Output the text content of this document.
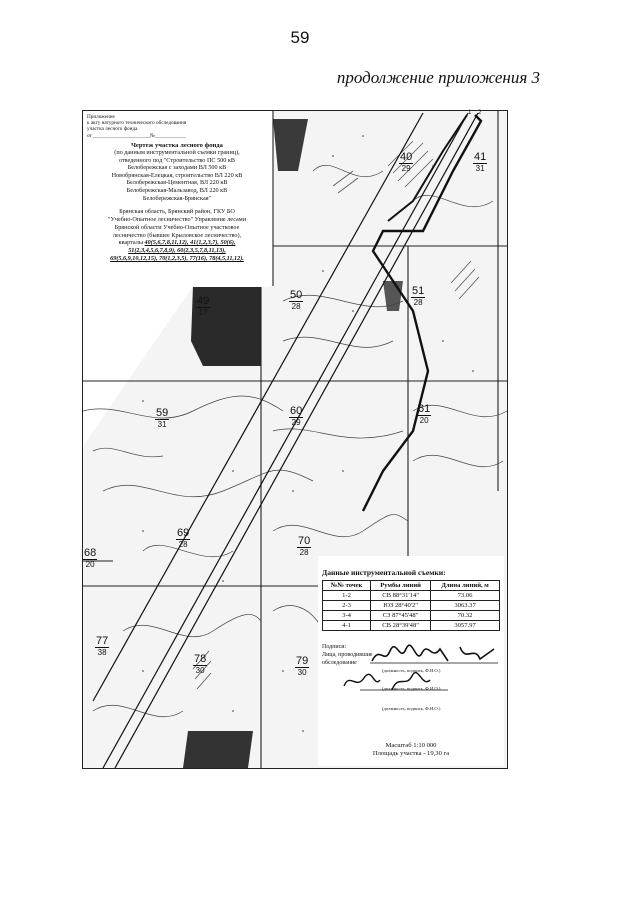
59
продолжение приложения 3
1 2
40
29
41
31
49
17
50
28
51
28
59
31
60
29
61
20
68
20
69
28	70
28
77
38
78
30
79
30
Приложение
к акту натурного технического обследования
участка лесного фонда
от ______________________№____________
Чертеж участка лесного фонда
(по данным инструментальной съемки границ),
отведенного под "Строительство ПС 500 кВ
Белобережская с заходами ВЛ 500 кВ
Новобрянская-Елецкая, строительство ВЛ 220 кВ
Белобережская-Цементная, ВЛ 220 кВ
Белобережская-Мальзавод, ВЛ 220 кВ
Белобережская-Брянская"
Брянская область, Брянский район, ГКУ БО
"Учебно-Опытное лесничество" Управление лесами
Брянской области Учебно-Опытное участковое
лесничество (бывшее Крыловское лесничество),
кварталы 40(5,6,7,8,11,12), 41(1,2,3,7), 50(6),
51(2,3,4,5,6,7,8,9), 60(2,3,5,7,8,11,13),
69(5,6,9,10,12,15), 70(1,2,3,5), 77(16), 78(4,5,11,12).
Данные инструментальной съемки:
№№ точек	Румбы линий	Длина линий, м
1-2	СВ 88°31'14"	73.06
2-3	ЮЗ 28°40'2"	3063.37
3-4	СЗ 87°45'48"	70.32
4-1	СВ 28°39'48"	3057.97
Подписи:
Лица, проводившие
обследование
(должность, подпись, Ф.И.О.)
(должность, подпись, Ф.И.О.)
(должность, подпись, Ф.И.О.)
Масштаб 1:10 000
Площадь участка - 19,30 га
